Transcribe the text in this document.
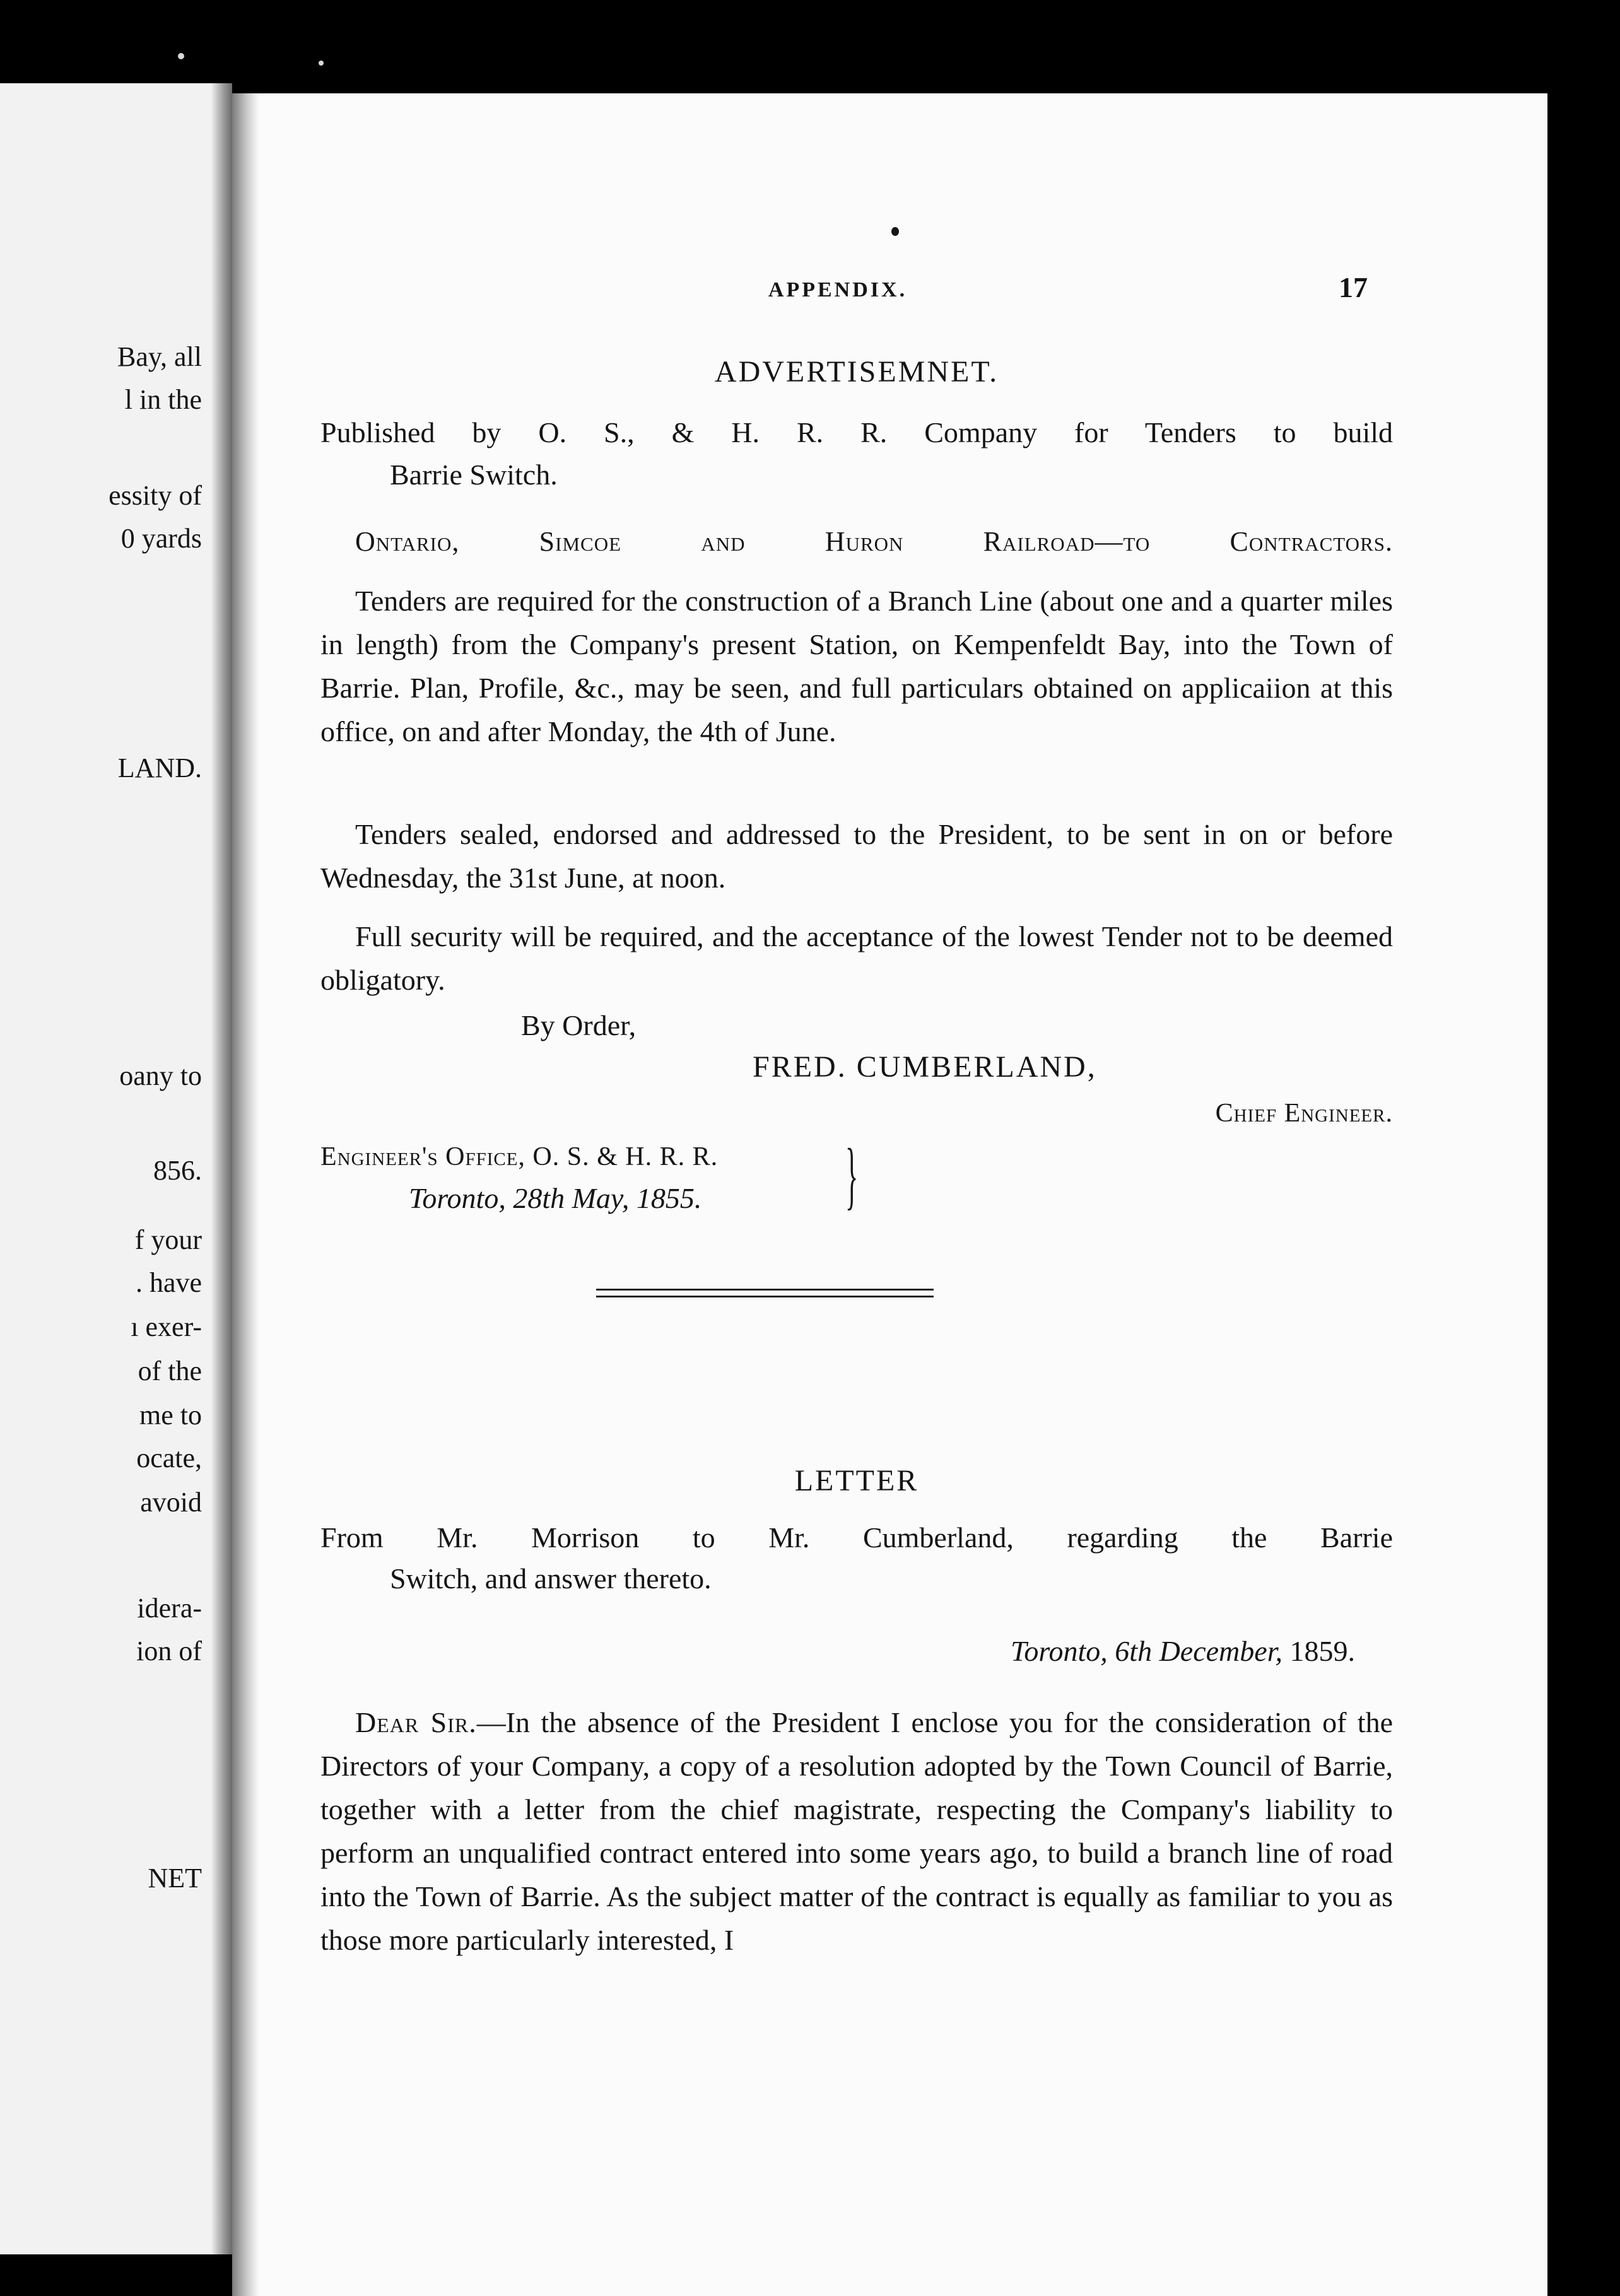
Bay, all
l in the
essity of
0 yards
LAND.
oany to
856.
f your
. have
ı exer-
of the
me to
ocate,
avoid
idera-
ion of
NET
APPENDIX.	17
ADVERTISEMNET.
Published by O. S., & H. R. R. Company for Tenders to build
Barrie Switch.
Ontario, Simcoe and Huron Railroad—to Contractors.
Tenders are required for the construction of a Branch Line (about one and a quarter miles in length) from the Company's present Station, on Kempenfeldt Bay, into the Town of Barrie. Plan, Profile, &c., may be seen, and full particulars obtained on applicaiion at this office, on and after Monday, the 4th of June.
Tenders sealed, endorsed and addressed to the President, to be sent in on or before Wednesday, the 31st June, at noon.
Full security will be required, and the acceptance of the lowest Tender not to be deemed obligatory.
By Order,
FRED. CUMBERLAND,
Chief Engineer.
Engineer's Office, O. S. & H. R. R.
Toronto, 28th May, 1855. }
LETTER
From Mr. Morrison to Mr. Cumberland, regarding the Barrie
Switch, and answer thereto.
Toronto, 6th December, 1859.
Dear Sir.—In the absence of the President I enclose you for the consideration of the Directors of your Company, a copy of a resolution adopted by the Town Council of Barrie, together with a letter from the chief magistrate, respecting the Company's liability to perform an unqualified contract entered into some years ago, to build a branch line of road into the Town of Barrie. As the subject matter of the contract is equally as familiar to you as those more particularly interested, I
